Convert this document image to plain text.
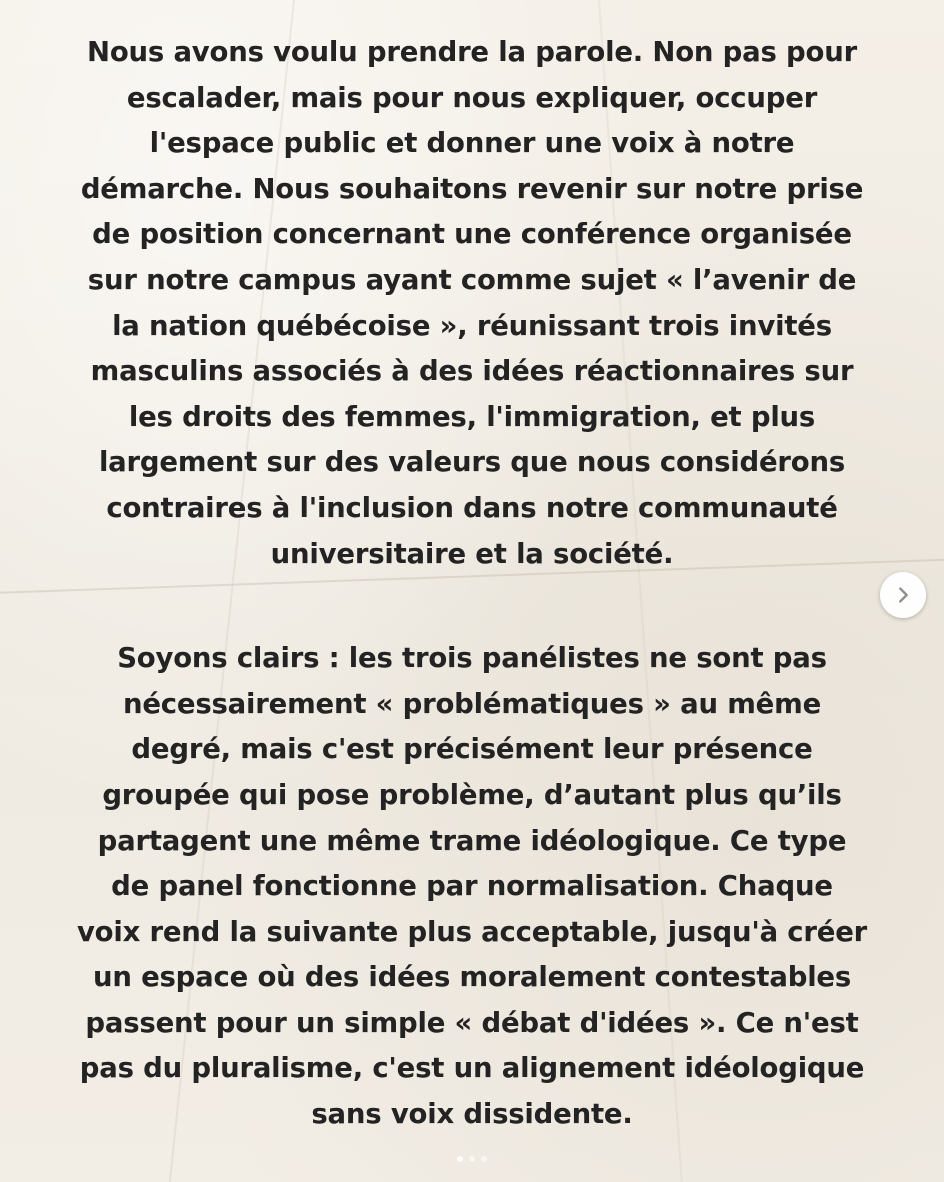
Nous avons voulu prendre la parole. Non pas pour
escalader, mais pour nous expliquer, occuper
l'espace public et donner une voix à notre
démarche. Nous souhaitons revenir sur notre prise
de position concernant une conférence organisée
sur notre campus ayant comme sujet « l’avenir de
la nation québécoise », réunissant trois invités
masculins associés à des idées réactionnaires sur
les droits des femmes, l'immigration, et plus
largement sur des valeurs que nous considérons
contraires à l'inclusion dans notre communauté
universitaire et la société.
Soyons clairs : les trois panélistes ne sont pas
nécessairement « problématiques » au même
degré, mais c'est précisément leur présence
groupée qui pose problème, d’autant plus qu’ils
partagent une même trame idéologique. Ce type
de panel fonctionne par normalisation. Chaque
voix rend la suivante plus acceptable, jusqu'à créer
un espace où des idées moralement contestables
passent pour un simple « débat d'idées ». Ce n'est
pas du pluralisme, c'est un alignement idéologique
sans voix dissidente.
